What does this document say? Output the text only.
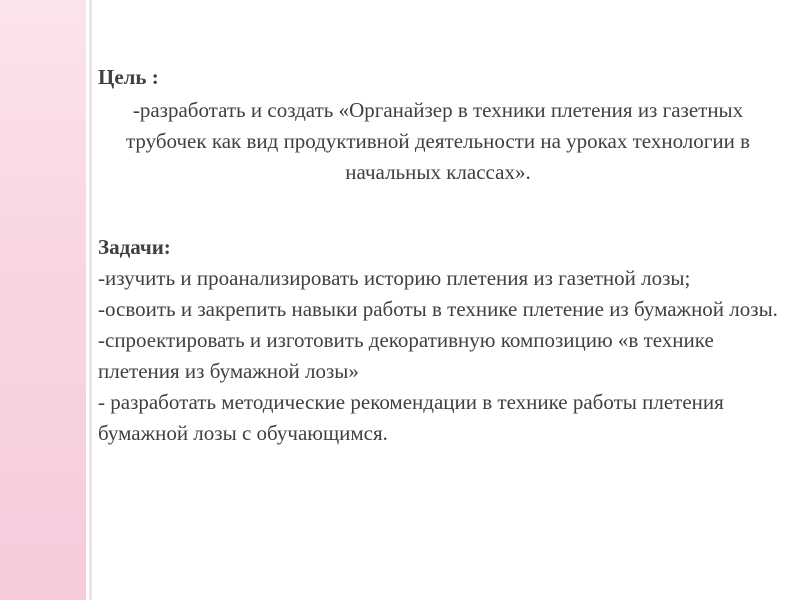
Цель :

-разработать и создать «Органайзер в техники плетения из газетных трубочек как вид продуктивной деятельности на уроках технологии в начальных классах».

Задачи:

-изучить и проанализировать историю плетения из газетной лозы;

-освоить и закрепить навыки работы в технике плетение из бумажной лозы.

-спроектировать и изготовить декоративную композицию «в технике плетения из бумажной лозы»

- разработать методические рекомендации в технике работы плетения бумажной лозы с обучающимся.
